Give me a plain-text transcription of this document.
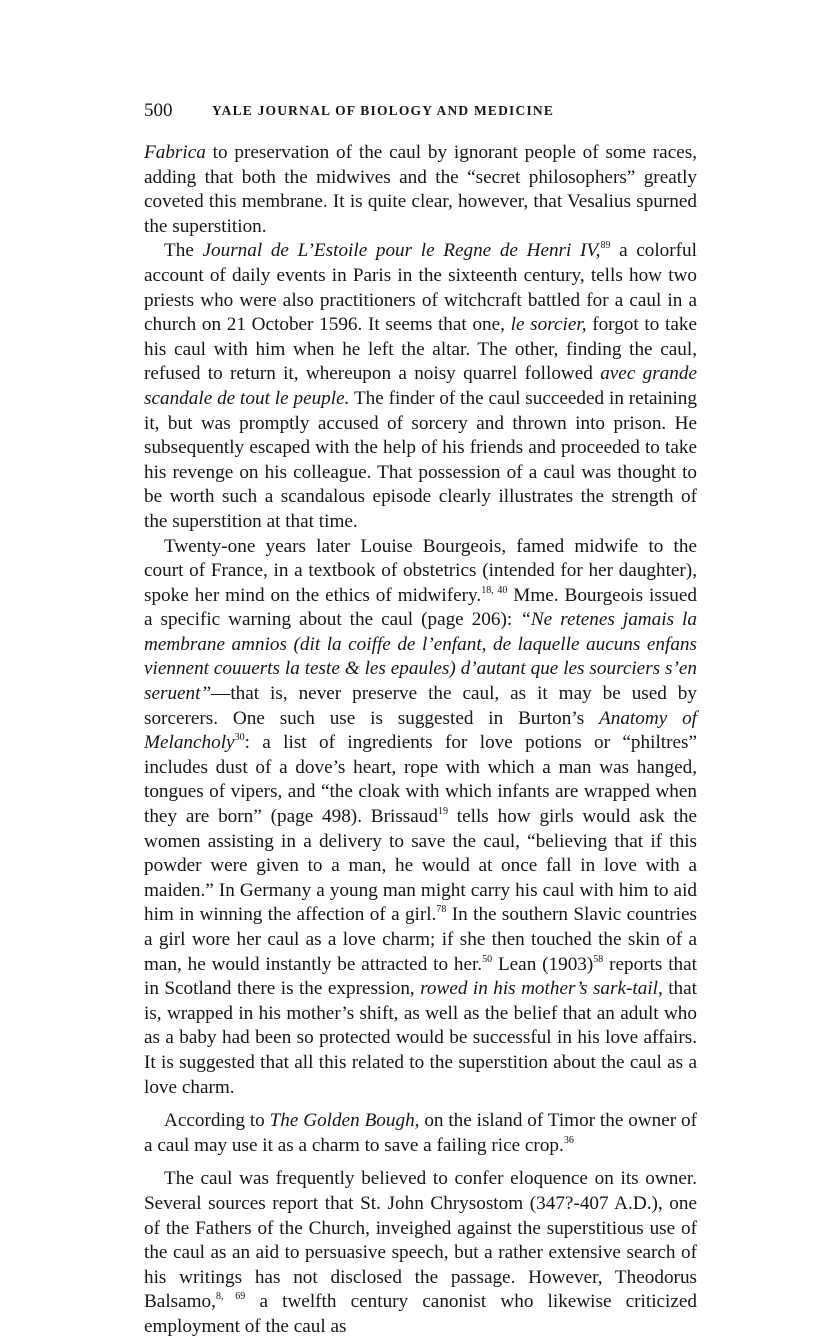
500	YALE JOURNAL OF BIOLOGY AND MEDICINE

Fabrica to preservation of the caul by ignorant people of some races, adding that both the midwives and the “secret philosophers” greatly coveted this membrane. It is quite clear, however, that Vesalius spurned the superstition.

The Journal de L’Estoile pour le Regne de Henri IV,$^{89}$ a colorful account of daily events in Paris in the sixteenth century, tells how two priests who were also practitioners of witchcraft battled for a caul in a church on 21 October 1596. It seems that one, le sorcier, forgot to take his caul with him when he left the altar. The other, finding the caul, refused to return it, whereupon a noisy quarrel followed avec grande scandale de tout le peuple. The finder of the caul succeeded in retaining it, but was promptly accused of sorcery and thrown into prison. He subsequently escaped with the help of his friends and proceeded to take his revenge on his colleague. That possession of a caul was thought to be worth such a scandalous episode clearly illustrates the strength of the superstition at that time.

Twenty-one years later Louise Bourgeois, famed midwife to the court of France, in a textbook of obstetrics (intended for her daughter), spoke her mind on the ethics of midwifery.$^{18, 40}$ Mme. Bourgeois issued a specific warning about the caul (page 206): “Ne retenes jamais la membrane amnios (dit la coiffe de l’enfant, de laquelle aucuns enfans viennent couuerts la teste & les epaules) d’autant que les sourciers s’en seruent”—that is, never preserve the caul, as it may be used by sorcerers. One such use is suggested in Burton’s Anatomy of Melancholy$^{30}$: a list of ingredients for love potions or “philtres” includes dust of a dove’s heart, rope with which a man was hanged, tongues of vipers, and “the cloak with which infants are wrapped when they are born” (page 498). Brissaud$^{19}$ tells how girls would ask the women assisting in a delivery to save the caul, “believing that if this powder were given to a man, he would at once fall in love with a maiden.” In Germany a young man might carry his caul with him to aid him in winning the affection of a girl.$^{78}$ In the southern Slavic countries a girl wore her caul as a love charm; if she then touched the skin of a man, he would instantly be attracted to her.$^{50}$ Lean (1903)$^{58}$ reports that in Scotland there is the expression, rowed in his mother’s sark-tail, that is, wrapped in his mother’s shift, as well as the belief that an adult who as a baby had been so protected would be successful in his love affairs. It is suggested that all this related to the superstition about the caul as a love charm.

According to The Golden Bough, on the island of Timor the owner of a caul may use it as a charm to save a failing rice crop.$^{36}$

The caul was frequently believed to confer eloquence on its owner. Several sources report that St. John Chrysostom (347?-407 A.D.), one of the Fathers of the Church, inveighed against the superstitious use of the caul as an aid to persuasive speech, but a rather extensive search of his writings has not disclosed the passage. However, Theodorus Balsamo,$^{8, 69}$ a twelfth century canonist who likewise criticized employment of the caul as
